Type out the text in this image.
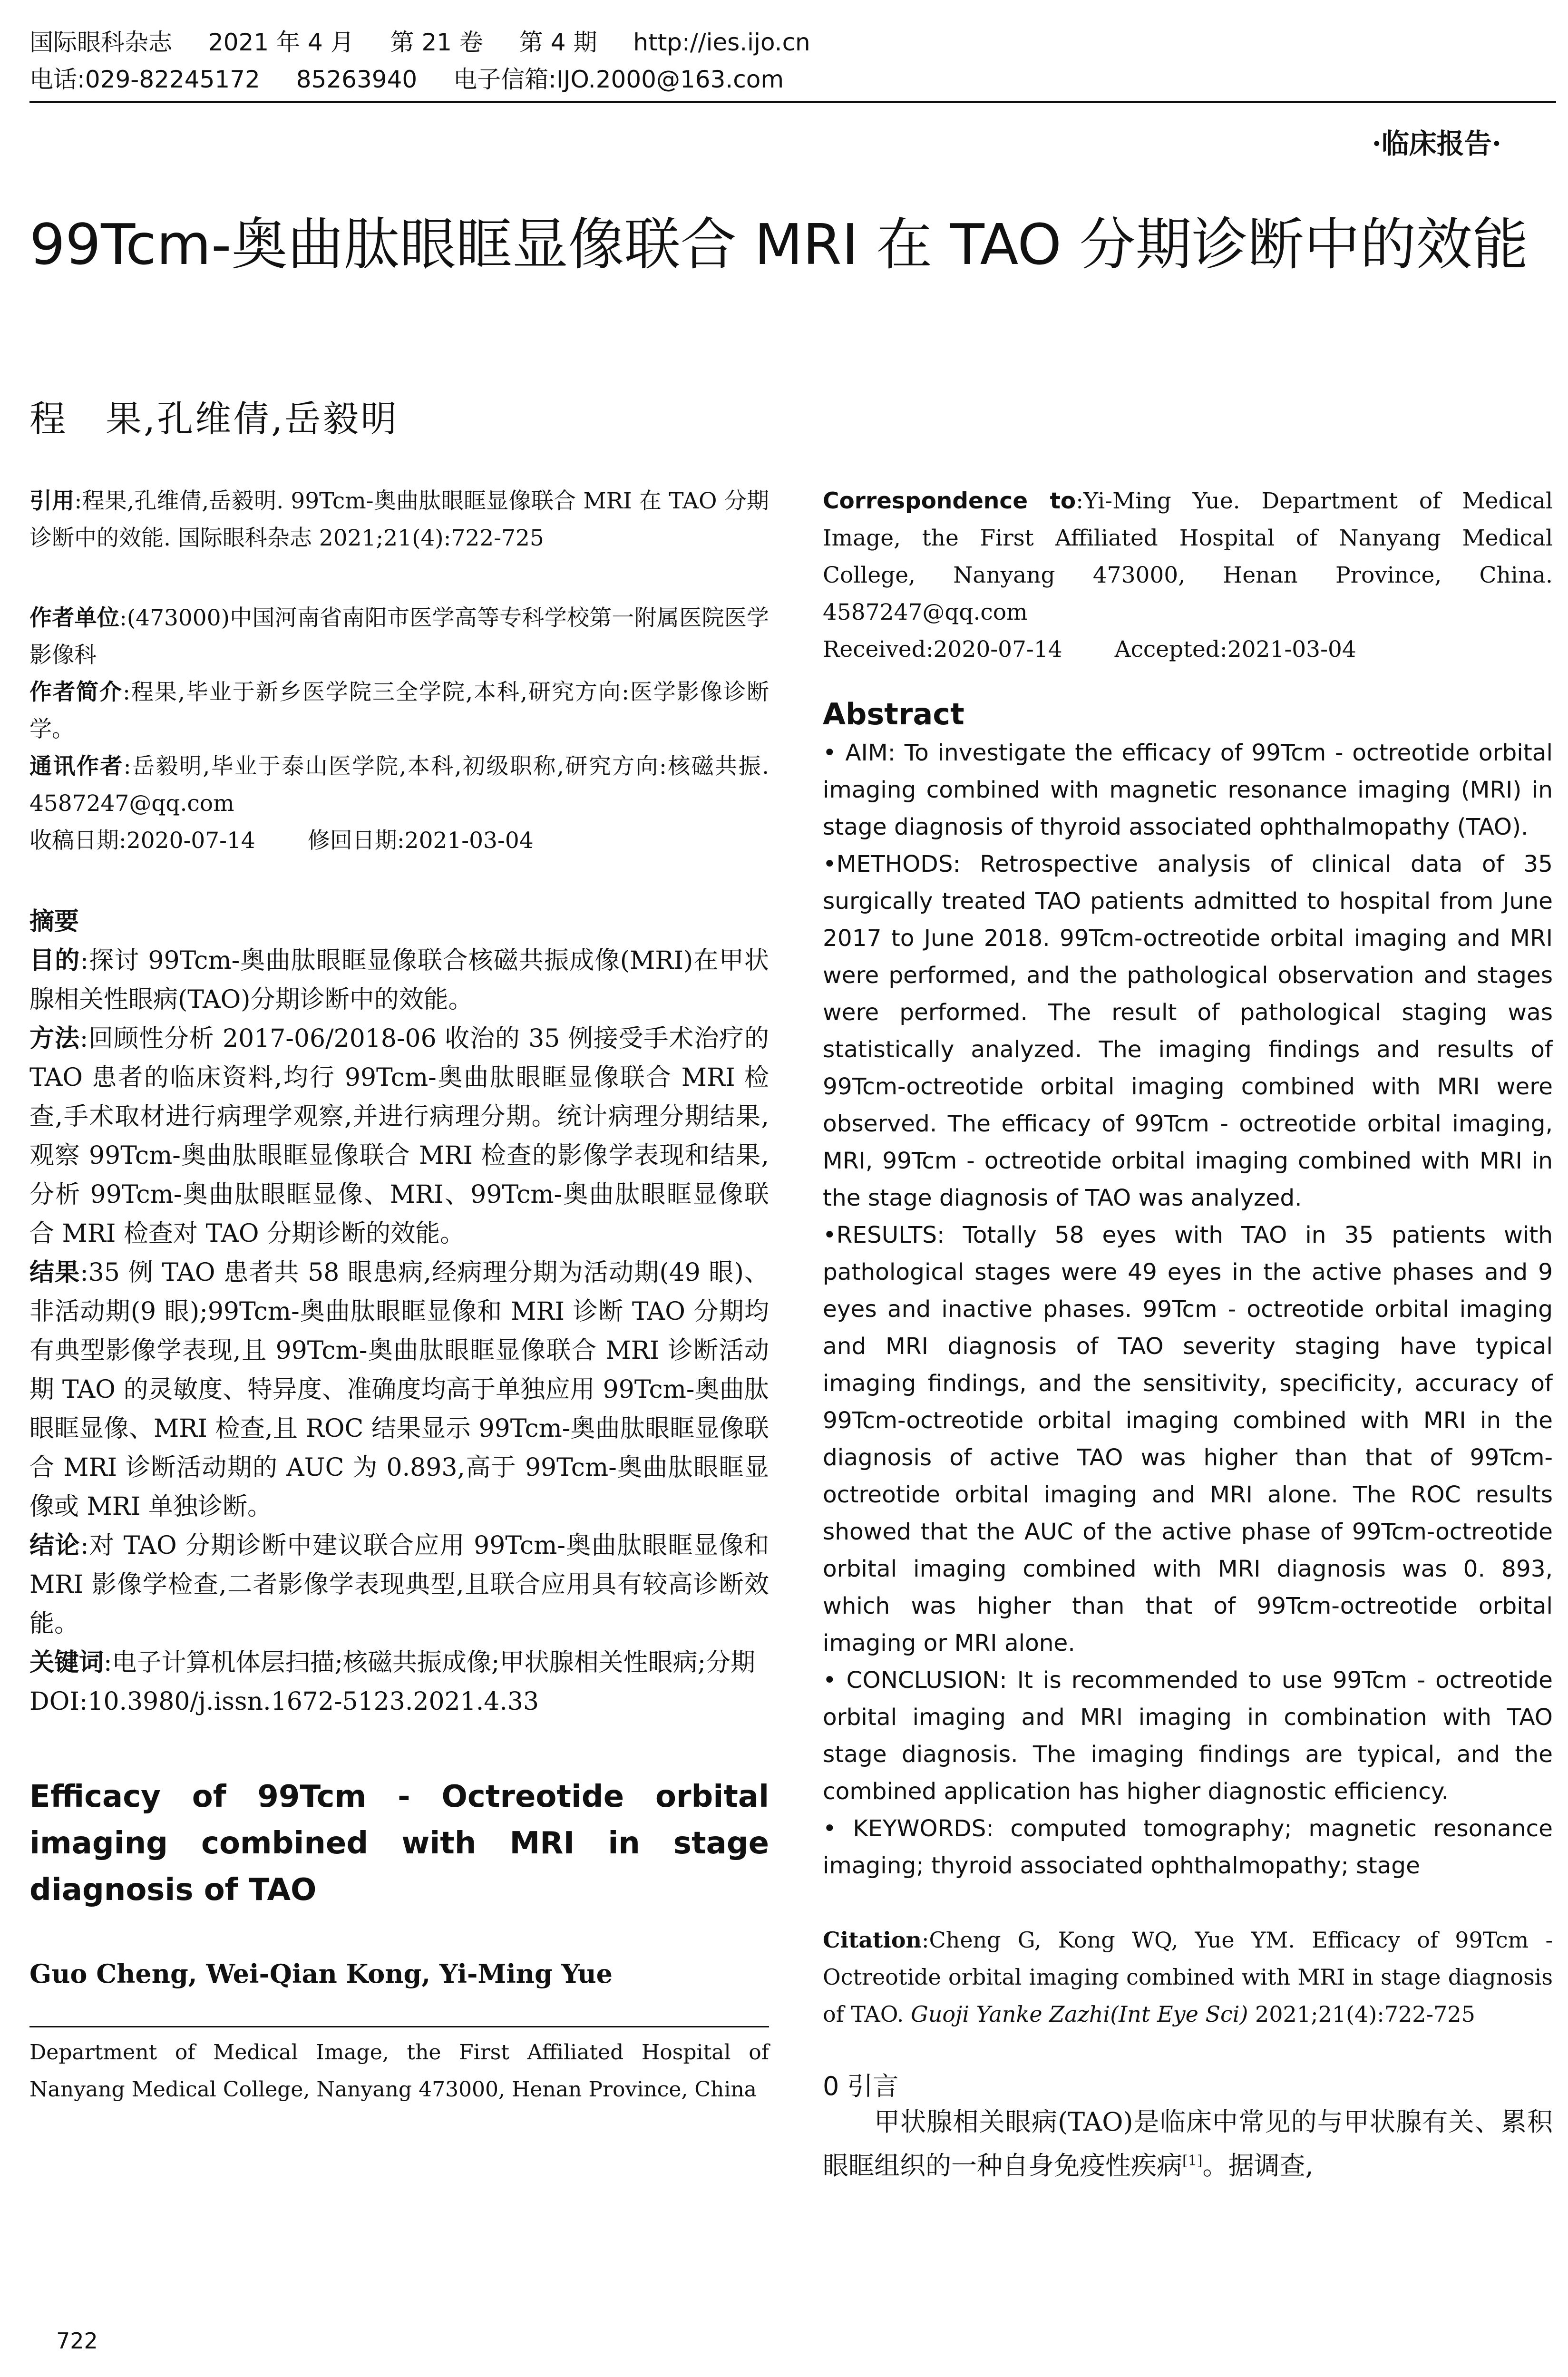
国际眼科杂志 2021 年 4 月 第 21 卷 第 4 期 http://ies.ijo.cn
电话:029-82245172 85263940 电子信箱:IJO.2000@163.com
·临床报告·
99Tcm-奥曲肽眼眶显像联合 MRI 在 TAO 分期诊断中的效能
程　果,孔维倩,岳毅明

引用:程果,孔维倩,岳毅明. 99Tcm-奥曲肽眼眶显像联合 MRI 在 TAO 分期诊断中的效能. 国际眼科杂志 2021;21(4):722-725

作者单位:(473000)中国河南省南阳市医学高等专科学校第一附属医院医学影像科

作者简介:程果,毕业于新乡医学院三全学院,本科,研究方向:医学影像诊断学。

通讯作者:岳毅明,毕业于泰山医学院,本科,初级职称,研究方向:核磁共振. 4587247@qq.com

收稿日期:2020-07-14 修回日期:2021-03-04

摘要

目的:探讨 99Tcm-奥曲肽眼眶显像联合核磁共振成像(MRI)在甲状腺相关性眼病(TAO)分期诊断中的效能。

方法:回顾性分析 2017-06/2018-06 收治的 35 例接受手术治疗的 TAO 患者的临床资料,均行 99Tcm-奥曲肽眼眶显像联合 MRI 检查,手术取材进行病理学观察,并进行病理分期。统计病理分期结果,观察 99Tcm-奥曲肽眼眶显像联合 MRI 检查的影像学表现和结果,分析 99Tcm-奥曲肽眼眶显像、MRI、99Tcm-奥曲肽眼眶显像联合 MRI 检查对 TAO 分期诊断的效能。

结果:35 例 TAO 患者共 58 眼患病,经病理分期为活动期(49 眼)、非活动期(9 眼);99Tcm-奥曲肽眼眶显像和 MRI 诊断 TAO 分期均有典型影像学表现,且 99Tcm-奥曲肽眼眶显像联合 MRI 诊断活动期 TAO 的灵敏度、特异度、准确度均高于单独应用 99Tcm-奥曲肽眼眶显像、MRI 检查,且 ROC 结果显示 99Tcm-奥曲肽眼眶显像联合 MRI 诊断活动期的 AUC 为 0.893,高于 99Tcm-奥曲肽眼眶显像或 MRI 单独诊断。

结论:对 TAO 分期诊断中建议联合应用 99Tcm-奥曲肽眼眶显像和 MRI 影像学检查,二者影像学表现典型,且联合应用具有较高诊断效能。

关键词:电子计算机体层扫描;核磁共振成像;甲状腺相关性眼病;分期

DOI:10.3980/j.issn.1672-5123.2021.4.33

Efficacy of 99Tcm - Octreotide orbital imaging combined with MRI in stage diagnosis of TAO

Guo Cheng, Wei-Qian Kong, Yi-Ming Yue

Department of Medical Image, the First Affiliated Hospital of Nanyang Medical College, Nanyang 473000, Henan Province, China

Correspondence to:Yi-Ming Yue. Department of Medical Image, the First Affiliated Hospital of Nanyang Medical College, Nanyang 473000, Henan Province, China. 4587247@qq.com

Received:2020-07-14 Accepted:2021-03-04

Abstract

• AIM: To investigate the efficacy of 99Tcm - octreotide orbital imaging combined with magnetic resonance imaging (MRI) in stage diagnosis of thyroid associated ophthalmopathy (TAO).

•METHODS: Retrospective analysis of clinical data of 35 surgically treated TAO patients admitted to hospital from June 2017 to June 2018. 99Tcm-octreotide orbital imaging and MRI were performed, and the pathological observation and stages were performed. The result of pathological staging was statistically analyzed. The imaging findings and results of 99Tcm-octreotide orbital imaging combined with MRI were observed. The efficacy of 99Tcm - octreotide orbital imaging, MRI, 99Tcm - octreotide orbital imaging combined with MRI in the stage diagnosis of TAO was analyzed.

•RESULTS: Totally 58 eyes with TAO in 35 patients with pathological stages were 49 eyes in the active phases and 9 eyes and inactive phases. 99Tcm - octreotide orbital imaging and MRI diagnosis of TAO severity staging have typical imaging findings, and the sensitivity, specificity, accuracy of 99Tcm-octreotide orbital imaging combined with MRI in the diagnosis of active TAO was higher than that of 99Tcm-octreotide orbital imaging and MRI alone. The ROC results showed that the AUC of the active phase of 99Tcm-octreotide orbital imaging combined with MRI diagnosis was 0. 893, which was higher than that of 99Tcm-octreotide orbital imaging or MRI alone.

• CONCLUSION: It is recommended to use 99Tcm - octreotide orbital imaging and MRI imaging in combination with TAO stage diagnosis. The imaging findings are typical, and the combined application has higher diagnostic efficiency.

• KEYWORDS: computed tomography; magnetic resonance imaging; thyroid associated ophthalmopathy; stage

Citation:Cheng G, Kong WQ, Yue YM. Efficacy of 99Tcm - Octreotide orbital imaging combined with MRI in stage diagnosis of TAO. Guoji Yanke Zazhi(Int Eye Sci) 2021;21(4):722-725

0 引言

甲状腺相关眼病(TAO)是临床中常见的与甲状腺有关、累积眼眶组织的一种自身免疫性疾病[1]。据调查,

722
